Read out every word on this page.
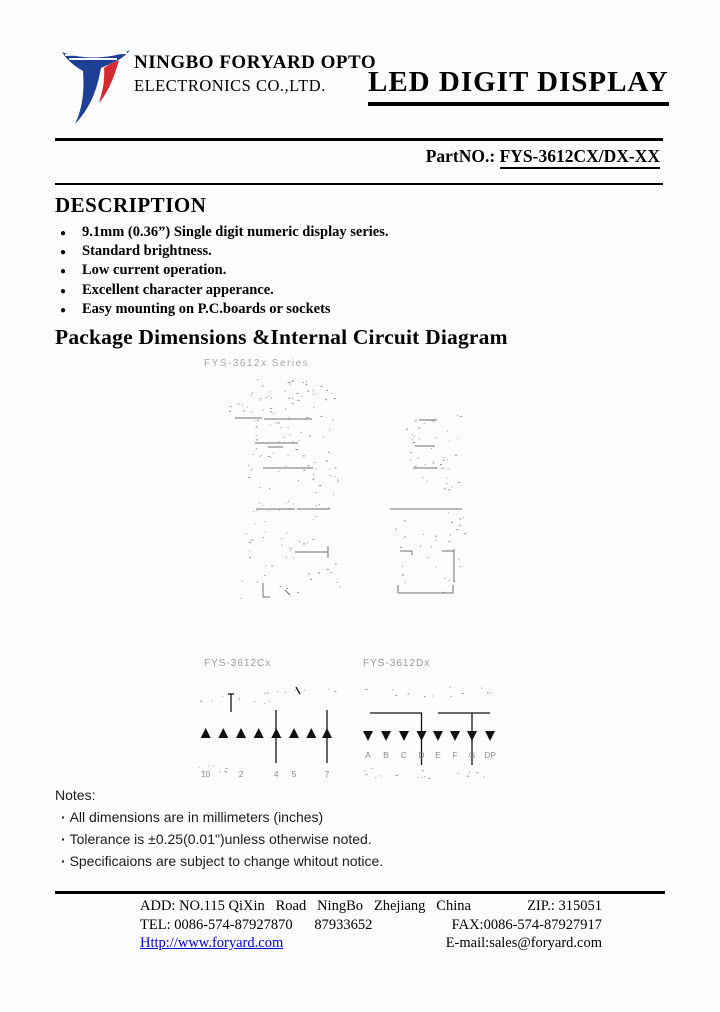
NINGBO FORYARD OPTO
ELECTRONICS CO.,LTD. LED DIGIT DISPLAY
PartNO.: FYS-3612CX/DX-XX
DESCRIPTION
●	9.1mm (0.36”) Single digit numeric display series.
●	Standard brightness.
●	Low current operation.
●	Excellent character apperance.
●	Easy mounting on P.C.boards or sockets
Package Dimensions &Internal Circuit Diagram
FYS-3612x Series
FYS-3612Cx	FYS-3612Dx
10	2	4 5	7
A B C D E F G DP
Notes:
· All dimensions are in millimeters (inches)
· Tolerance is ±0.25(0.01")unless otherwise noted.
· Specificaions are subject to change whitout notice.
ADD: NO.115 QiXin   Road   NingBo   Zhejiang   China	ZIP.: 315051
TEL: 0086-574-87927870      87933652	FAX:0086-574-87927917
Http://www.foryard.com	E-mail:sales@foryard.com
